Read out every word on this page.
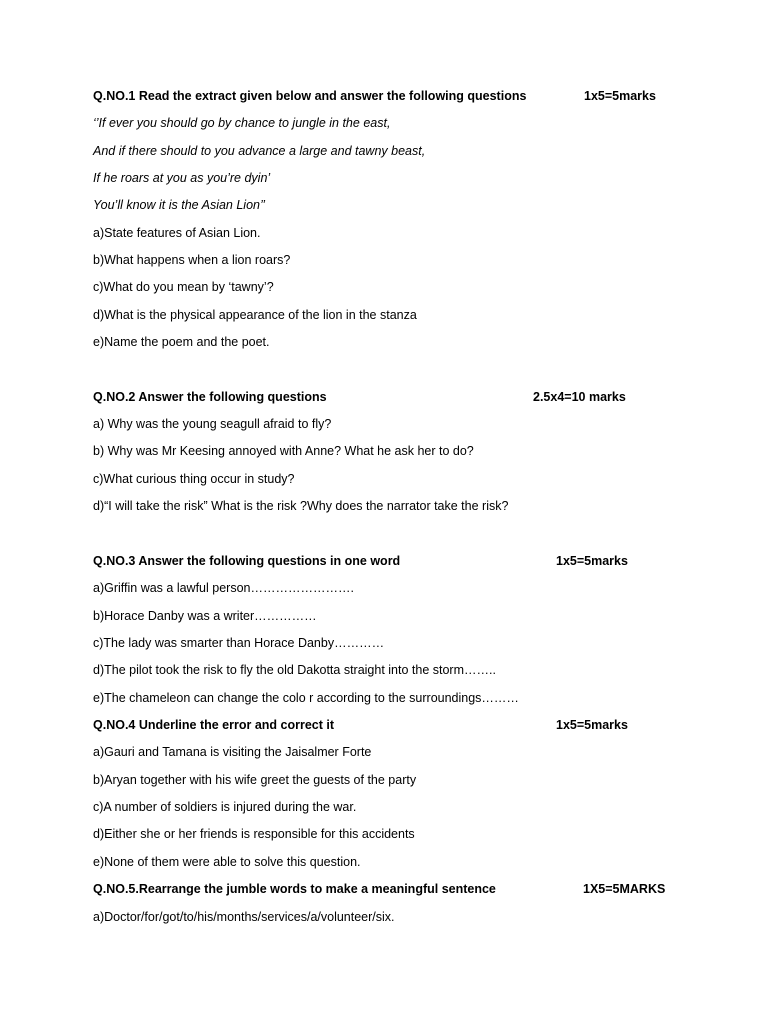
Q.NO.1 Read the extract given below and answer the following questions	1x5=5marks
‘’If ever you should go by chance to jungle in the east,
And if there should to you advance a large and tawny beast,
If he roars at you as you’re dyin’
You’ll know it is the Asian Lion’’
a)State features of Asian Lion.
b)What happens when a lion roars?
c)What do you mean by ‘tawny’?
d)What is the physical appearance of the lion in the stanza
e)Name the poem and the poet.
Q.NO.2 Answer the following questions	2.5x4=10 marks
a) Why was the young seagull afraid to fly?
b) Why was Mr Keesing annoyed with Anne? What he ask her to do?
c)What curious thing occur in study?
d)“I will take the risk” What is the risk ?Why does the narrator take the risk?
Q.NO.3 Answer the following questions in one word	1x5=5marks
a)Griffin was a lawful person…………………….
b)Horace Danby was a writer……………
c)The lady was smarter than Horace Danby…………
d)The pilot took the risk to fly the old Dakotta straight into the storm……..
e)The chameleon can change the colo r according to the surroundings………
Q.NO.4 Underline the error and correct it	1x5=5marks
a)Gauri and Tamana is visiting the Jaisalmer Forte
b)Aryan together with his wife greet the guests of the party
c)A number of soldiers is injured during the war.
d)Either she or her friends is responsible for this accidents
e)None of them were able to solve this question.
Q.NO.5.Rearrange the jumble words to make a meaningful sentence	1X5=5MARKS
a)Doctor/for/got/to/his/months/services/a/volunteer/six.
